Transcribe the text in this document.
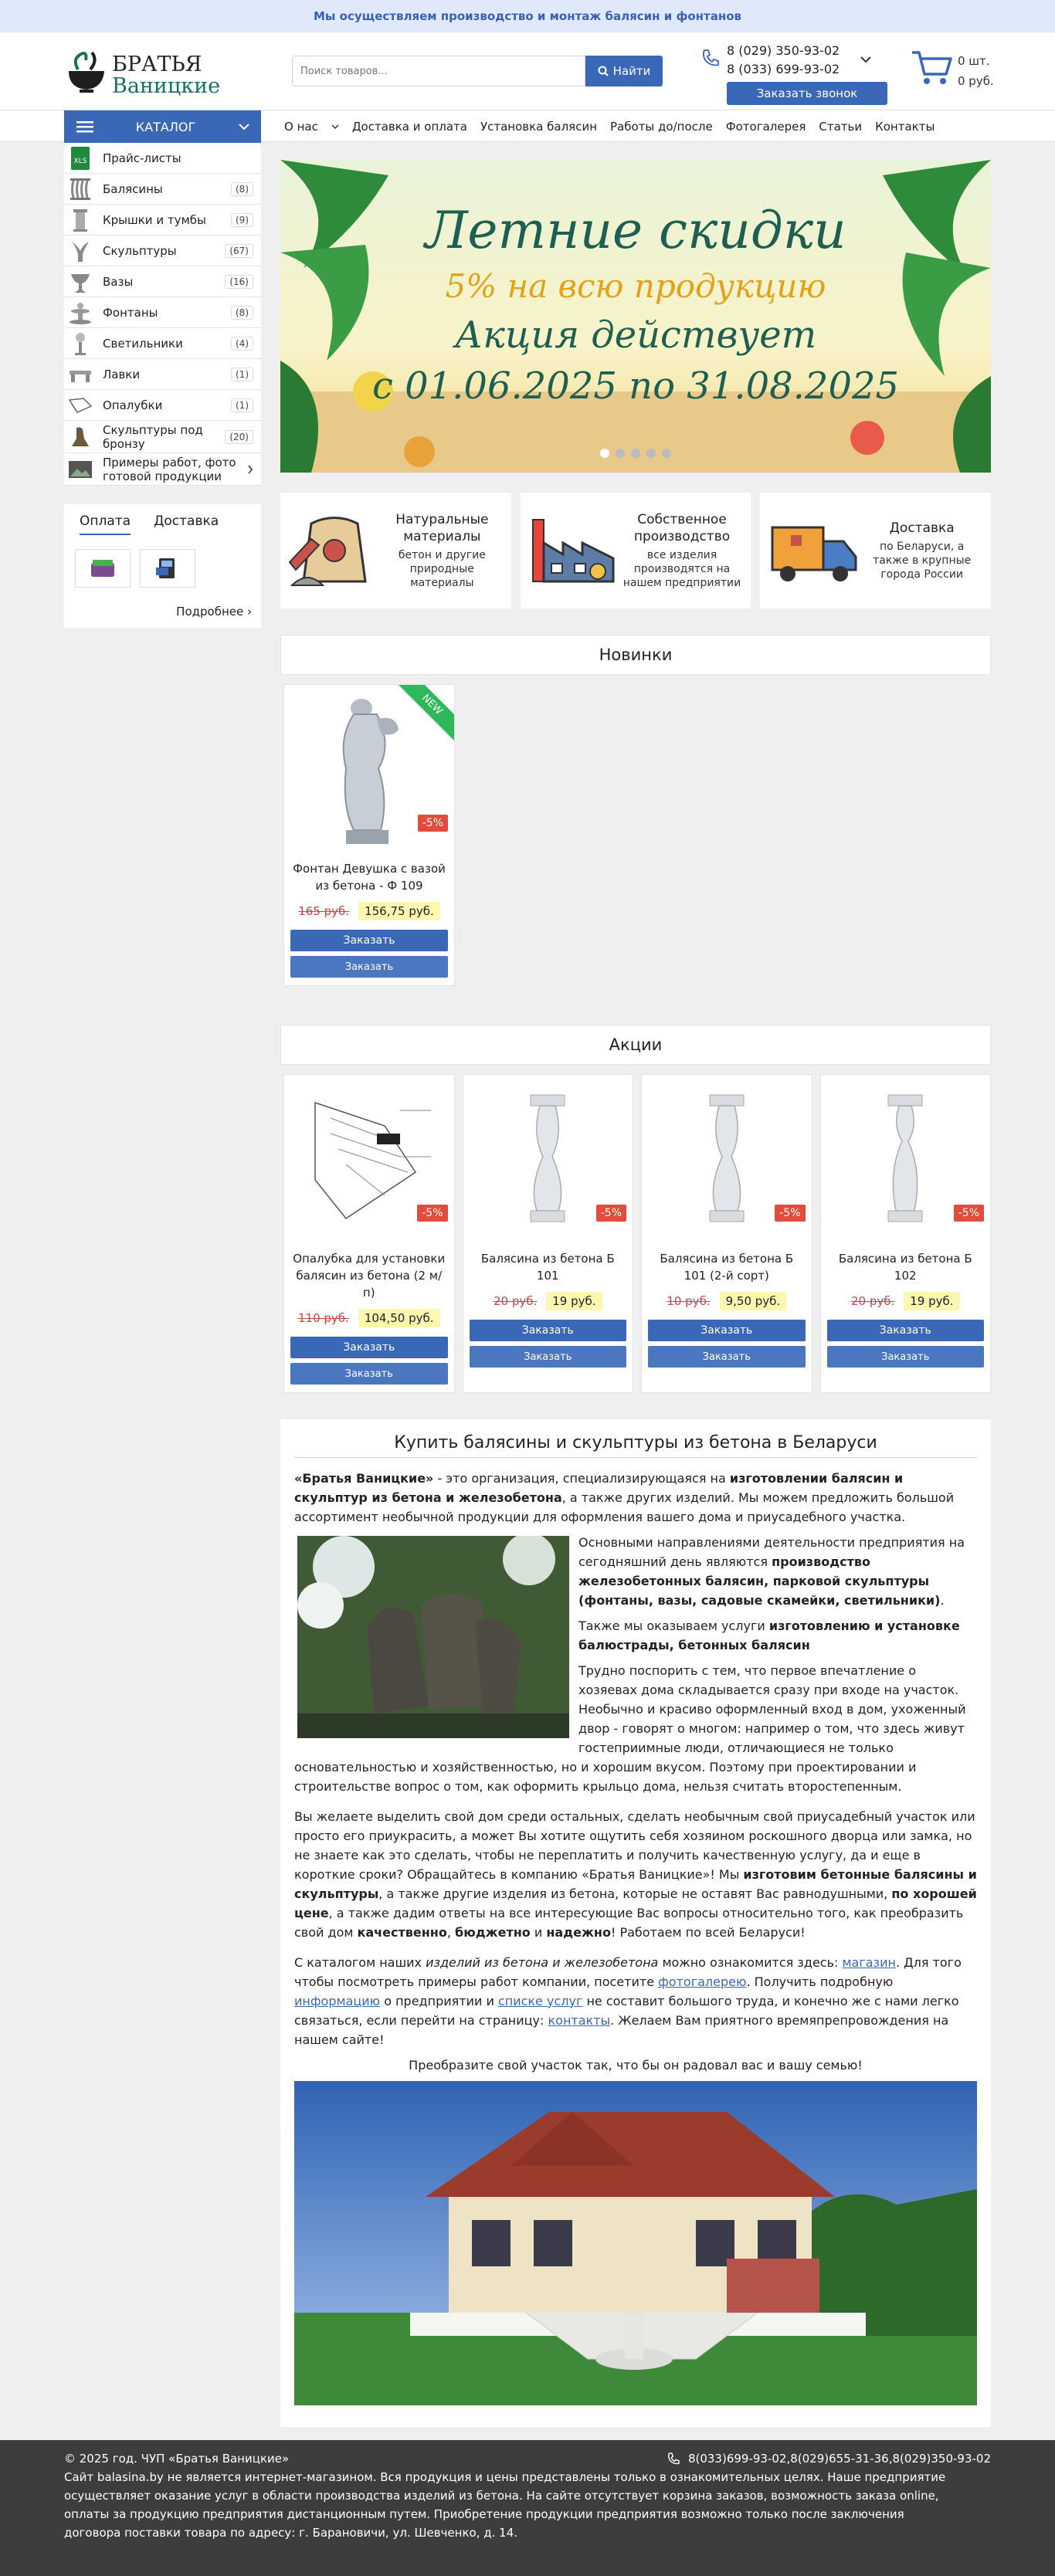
Мы осуществляем производство и монтаж балясин и фонтанов
БРАТЬЯ
Ваницкие
Поиск товаров...
Найти
8 (029) 350-93-02
8 (033) 699-93-02
Заказать звонок
0 шт.
0 руб.
КАТАЛОГ	О нас	Доставка и оплата	Установка балясин	Работы до/после	Фотогалерея	Статьи	Контакты
XLS Прайс-листы
Балясины	(8)
Крышки и тумбы	(9)
Скульптуры	(67)
Вазы	(16)
Фонтаны	(8)
Светильники	(4)
Лавки	(1)
Опалубки	(1)
Скульптуры под бронзу	(20)
Примеры работ, фото готовой продукции
Оплата Доставка
Подробнее ›
Летние скидки
5% на всю продукцию
Акция действует
с 01.06.2025 по 31.08.2025
Натуральные материалы
бетон и другие природные материалы
Собственное производство
все изделия производятся на нашем предприятии
Доставка
по Беларуси, а также в крупные города России
Новинки
NEW
-5%
Фонтан Девушка с вазой из бетона - Ф 109
165 руб.	156,75 руб.
Заказать
Заказать
Акции
-5%
Опалубка для установки балясин из бетона (2 м/п)
110 руб.	104,50 руб.
Заказать
Заказать
-5%
Балясина из бетона Б 101
20 руб.	19 руб.
Заказать
Заказать
-5%
Балясина из бетона Б 101 (2-й сорт)
10 руб.	9,50 руб.
Заказать
Заказать
-5%
Балясина из бетона Б 102
20 руб.	19 руб.
Заказать
Заказать
Купить балясины и скульптуры из бетона в Беларуси

«Братья Ваницкие» - это организация, специализирующаяся на изготовлении балясин и скульптур из бетона и железобетона, а также других изделий. Мы можем предложить большой ассортимент необычной продукции для оформления вашего дома и приусадебного участка.

Основными направлениями деятельности предприятия на сегодняшний день являются производство железобетонных балясин, парковой скульптуры (фонтаны, вазы, садовые скамейки, светильники).

Также мы оказываем услуги изготовлению и установке балюстрады, бетонных балясин

Трудно поспорить с тем, что первое впечатление о хозяевах дома складывается сразу при входе на участок. Необычно и красиво оформленный вход в дом, ухоженный двор - говорят о многом: например о том, что здесь живут гостеприимные люди, отличающиеся не только основательностью и хозяйственностью, но и хорошим вкусом. Поэтому при проектировании и строительстве вопрос о том, как оформить крыльцо дома, нельзя считать второстепенным.

Вы желаете выделить свой дом среди остальных, сделать необычным свой приусадебный участок или просто его приукрасить, а может Вы хотите ощутить себя хозяином роскошного дворца или замка, но не знаете как это сделать, чтобы не переплатить и получить качественную услугу, да и еще в короткие сроки? Обращайтесь в компанию «Братья Ваницкие»! Мы изготовим бетонные балясины и скульптуры, а также другие изделия из бетона, которые не оставят Вас равнодушными, по хорошей цене, а также дадим ответы на все интересующие Вас вопросы относительно того, как преобразить свой дом качественно, бюджетно и надежно! Работаем по всей Беларуси!

С каталогом наших изделий из бетона и железобетона можно ознакомится здесь: магазин. Для того чтобы посмотреть примеры работ компании, посетите фотогалерею. Получить подробную информацию о предприятии и списке услуг не составит большого труда, и конечно же с нами легко связаться, если перейти на страницу: контакты. Желаем Вам приятного времяпрепровождения на нашем сайте!

Преобразите свой участок так, что бы он радовал вас и вашу семью!

© 2025 год. ЧУП «Братья Ваницкие»	8(033)699-93-02,8(029)655-31-36,8(029)350-93-02
Сайт balasina.by не является интернет-магазином. Вся продукция и цены представлены только в ознакомительных целях. Наше предприятие осуществляет оказание услуг в области производства изделий из бетона. На сайте отсутствует корзина заказов, возможность заказа online, оплаты за продукцию предприятия дистанционным путем. Приобретение продукции предприятия возможно только после заключения договора поставки товара по адресу: г. Барановичи, ул. Шевченко, д. 14.
